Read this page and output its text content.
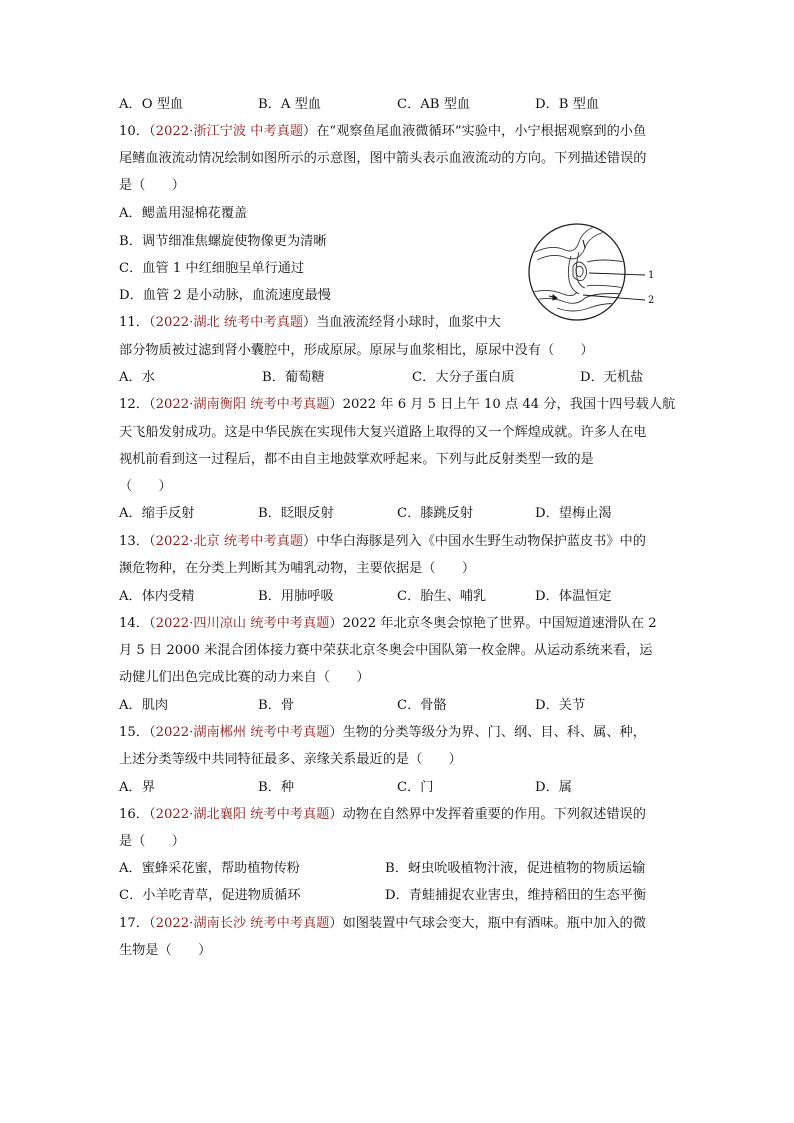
A．O 型血	B．A 型血	C．AB 型血	D．B 型血
10．（2022·浙江宁波 中考真题）在“观察鱼尾血液微循环”实验中，小宁根据观察到的小鱼
尾鳍血液流动情况绘制如图所示的示意图，图中箭头表示血液流动的方向。下列描述错误的
是（　　）
A．鳃盖用湿棉花覆盖
B．调节细准焦螺旋使物像更为清晰
C．血管 1 中红细胞呈单行通过
D．血管 2 是小动脉，血流速度最慢
1
2
11．（2022·湖北 统考中考真题）当血液流经肾小球时，血浆中大
部分物质被过滤到肾小囊腔中，形成原尿。原尿与血浆相比，原尿中没有（　　）
A．水	B．葡萄糖	C．大分子蛋白质	D．无机盐
12．（2022·湖南衡阳 统考中考真题）2022 年 6 月 5 日上午 10 点 44 分，我国十四号载人航
天飞船发射成功。这是中华民族在实现伟大复兴道路上取得的又一个辉煌成就。许多人在电
视机前看到这一过程后，都不由自主地鼓掌欢呼起来。下列与此反射类型一致的是
（　　）
A．缩手反射	B．眨眼反射	C．膝跳反射	D．望梅止渴
13．（2022·北京 统考中考真题）中华白海豚是列入《中国水生野生动物保护蓝皮书》中的
濒危物种，在分类上判断其为哺乳动物，主要依据是（　　）
A．体内受精	B．用肺呼吸	C．胎生、哺乳	D．体温恒定
14．（2022·四川凉山 统考中考真题）2022 年北京冬奥会惊艳了世界。中国短道速滑队在 2
月 5 日 2000 米混合团体接力赛中荣获北京冬奥会中国队第一枚金牌。从运动系统来看，运
动健儿们出色完成比赛的动力来自（　　）
A．肌肉	B．骨	C．骨骼	D．关节
15．（2022·湖南郴州 统考中考真题）生物的分类等级分为界、门、纲、目、科、属、种，
上述分类等级中共同特征最多、亲缘关系最近的是（　　）
A．界	B．种	C．门	D．属
16．（2022·湖北襄阳 统考中考真题）动物在自然界中发挥着重要的作用。下列叙述错误的
是（　　）
A．蜜蜂采花蜜，帮助植物传粉	B．蚜虫吮吸植物汁液，促进植物的物质运输
C．小羊吃青草，促进物质循环	D．青蛙捕捉农业害虫，维持稻田的生态平衡
17．（2022·湖南长沙 统考中考真题）如图装置中气球会变大，瓶中有酒味。瓶中加入的微
生物是（　　）
